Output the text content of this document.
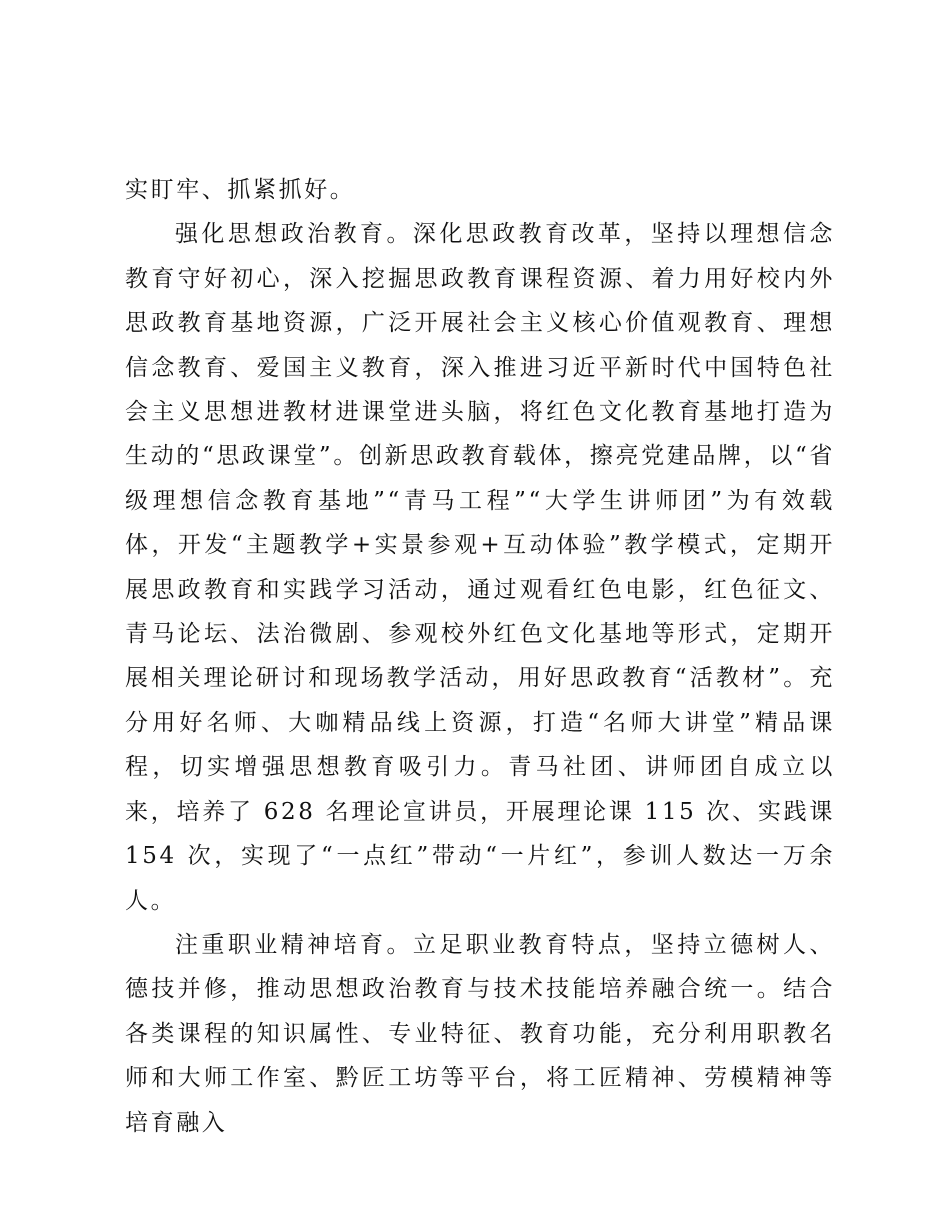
实盯牢、抓紧抓好。

强化思想政治教育。深化思政教育改革，坚持以理想信念教育守好初心，深入挖掘思政教育课程资源、着力用好校内外思政教育基地资源，广泛开展社会主义核心价值观教育、理想信念教育、爱国主义教育，深入推进习近平新时代中国特色社会主义思想进教材进课堂进头脑，将红色文化教育基地打造为生动的“思政课堂”。创新思政教育载体，擦亮党建品牌，以“省级理想信念教育基地”“青马工程”“大学生讲师团”为有效载体，开发“主题教学+实景参观+互动体验”教学模式，定期开展思政教育和实践学习活动，通过观看红色电影，红色征文、青马论坛、法治微剧、参观校外红色文化基地等形式，定期开展相关理论研讨和现场教学活动，用好思政教育“活教材”。充分用好名师、大咖精品线上资源，打造“名师大讲堂”精品课程，切实增强思想教育吸引力。青马社团、讲师团自成立以来，培养了 628 名理论宣讲员，开展理论课 115 次、实践课 154 次，实现了“一点红”带动“一片红”，参训人数达一万余人。

注重职业精神培育。立足职业教育特点，坚持立德树人、德技并修，推动思想政治教育与技术技能培养融合统一。结合各类课程的知识属性、专业特征、教育功能，充分利用职教名师和大师工作室、黔匠工坊等平台，将工匠精神、劳模精神等培育融入
